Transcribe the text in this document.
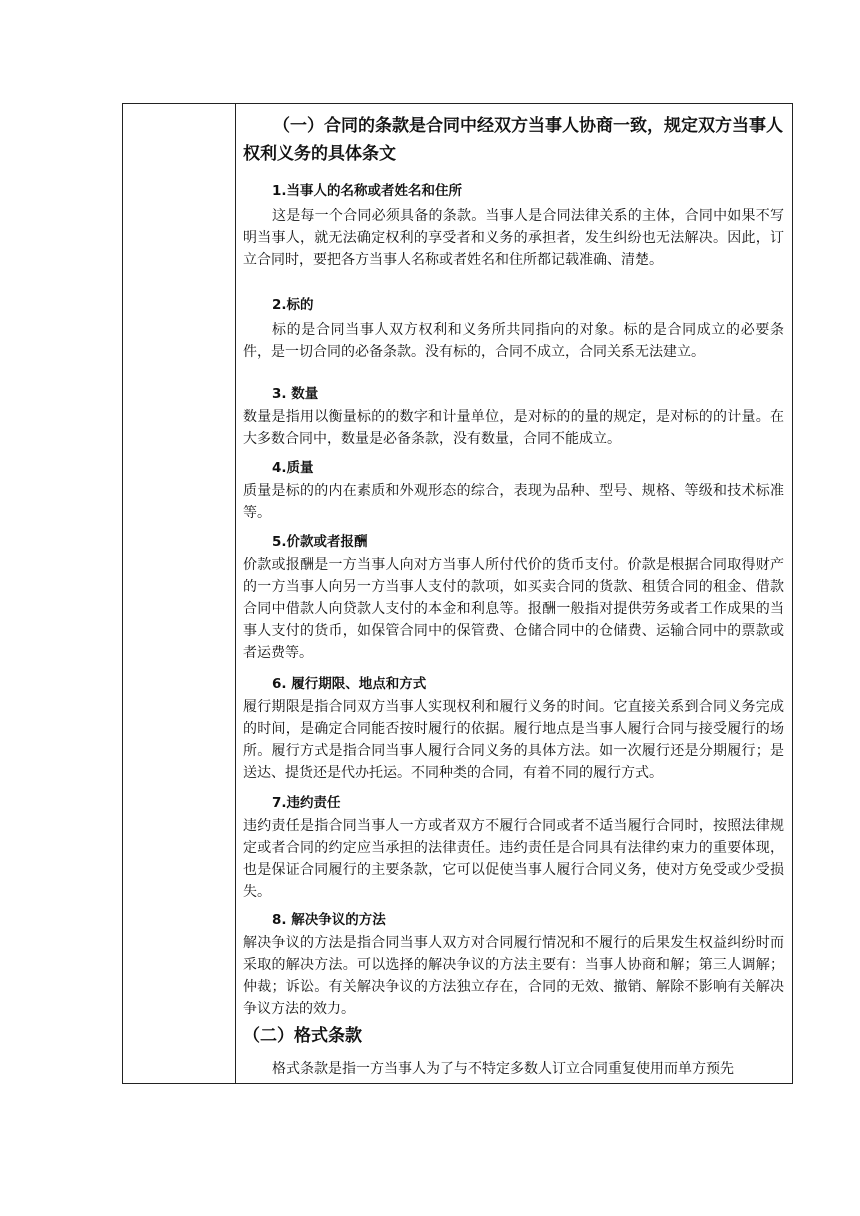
（一）合同的条款是合同中经双方当事人协商一致，规定双方当事人权利义务的具体条文

1.当事人的名称或者姓名和住所

这是每一个合同必须具备的条款。当事人是合同法律关系的主体，合同中如果不写明当事人，就无法确定权利的享受者和义务的承担者，发生纠纷也无法解决。因此，订立合同时，要把各方当事人名称或者姓名和住所都记载准确、清楚。

2.标的

标的是合同当事人双方权利和义务所共同指向的对象。标的是合同成立的必要条件，是一切合同的必备条款。没有标的，合同不成立，合同关系无法建立。

3. 数量

数量是指用以衡量标的的数字和计量单位，是对标的的量的规定，是对标的的计量。在大多数合同中，数量是必备条款，没有数量，合同不能成立。

4.质量

质量是标的的内在素质和外观形态的综合，表现为品种、型号、规格、等级和技术标准等。

5.价款或者报酬

价款或报酬是一方当事人向对方当事人所付代价的货币支付。价款是根据合同取得财产的一方当事人向另一方当事人支付的款项，如买卖合同的货款、租赁合同的租金、借款合同中借款人向贷款人支付的本金和利息等。报酬一般指对提供劳务或者工作成果的当事人支付的货币，如保管合同中的保管费、仓储合同中的仓储费、运输合同中的票款或者运费等。

6. 履行期限、地点和方式

履行期限是指合同双方当事人实现权利和履行义务的时间。它直接关系到合同义务完成的时间，是确定合同能否按时履行的依据。履行地点是当事人履行合同与接受履行的场所。履行方式是指合同当事人履行合同义务的具体方法。如一次履行还是分期履行；是送达、提货还是代办托运。不同种类的合同，有着不同的履行方式。

7.违约责任

违约责任是指合同当事人一方或者双方不履行合同或者不适当履行合同时，按照法律规定或者合同的约定应当承担的法律责任。违约责任是合同具有法律约束力的重要体现，也是保证合同履行的主要条款，它可以促使当事人履行合同义务，使对方免受或少受损失。

8. 解决争议的方法

解决争议的方法是指合同当事人双方对合同履行情况和不履行的后果发生权益纠纷时而采取的解决方法。可以选择的解决争议的方法主要有：当事人协商和解；第三人调解；仲裁；诉讼。有关解决争议的方法独立存在，合同的无效、撤销、解除不影响有关解决争议方法的效力。

（二）格式条款

格式条款是指一方当事人为了与不特定多数人订立合同重复使用而单方预先
